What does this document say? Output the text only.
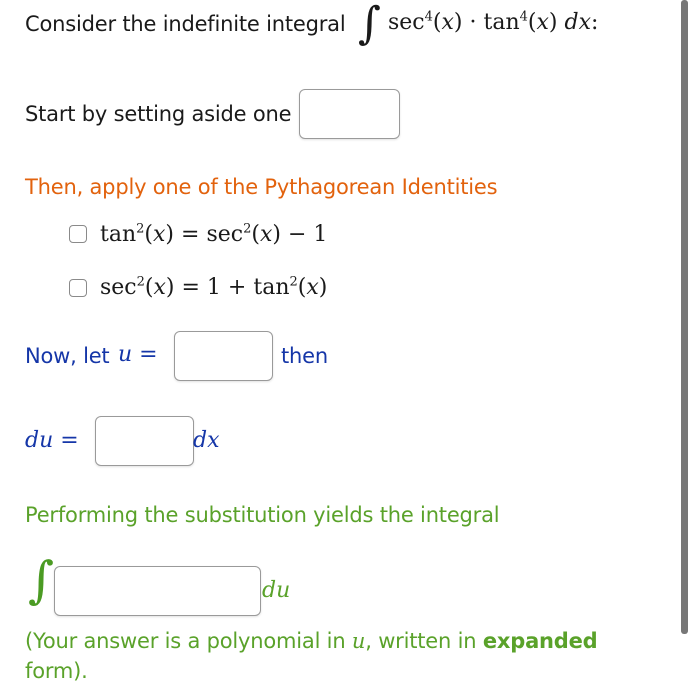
Consider the indefinite integral ∫ $\sec^4(𝑥)$ · $\tan^4(𝑥)$ 𝑑𝑥:
Start by setting aside one
Then, apply one of the Pythagorean Identities
$\tan^2(𝑥)$ = $\sec^2(𝑥) - 1$
$\sec^2(𝑥) = 1$ + $\tan^2(𝑥)$
Now, let 𝑢 =	then
𝑑𝑢 =	𝑑𝑥
Performing the substitution yields the integral
∫	𝑑𝑢
(Your answer is a polynomial in 𝑢, written in expanded form).
